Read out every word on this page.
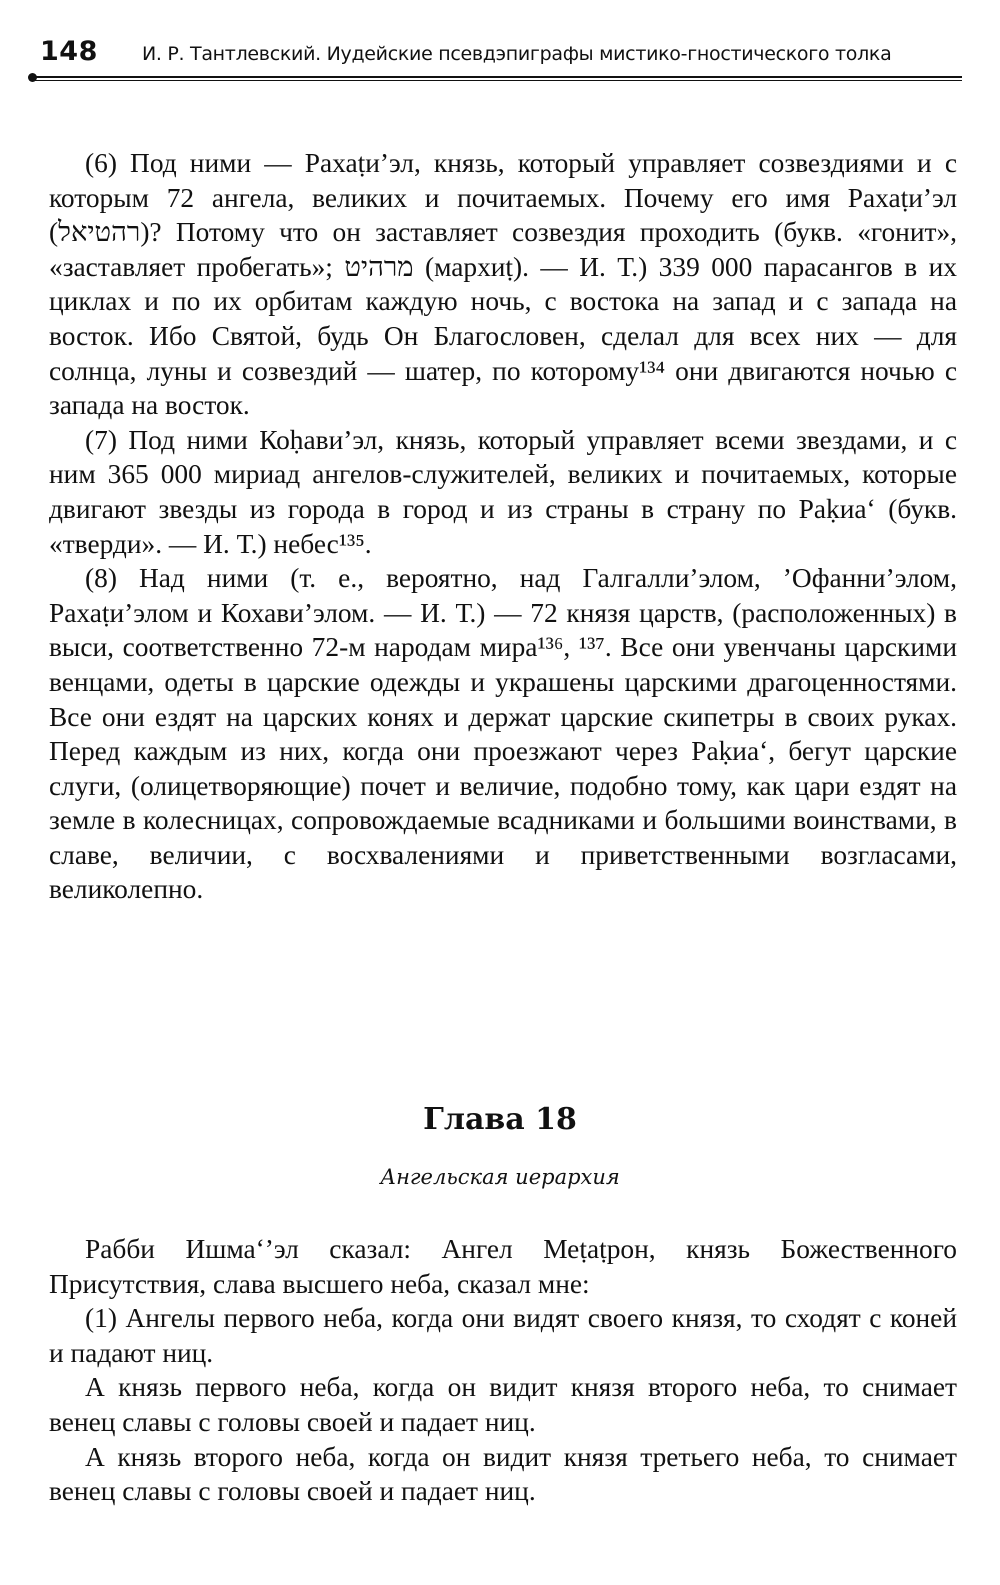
148 И. Р. Тантлевский. Иудейские псевдэпиграфы мистико-гностического толка

(6) Под ними — Рахаṭи’эл, князь, который управляет созвездиями и с которым 72 ангела, великих и почитаемых. Почему его имя Рахаṭи’эл (רהטיאל)? Потому что он заставляет созвездия проходить (букв. «гонит», «заставляет пробегать»; מרהיט (мархиṭ). — И. Т.) 339 000 парасангов в их циклах и по их орбитам каждую ночь, с востока на запад и с запада на восток. Ибо Святой, будь Он Благословен, сделал для всех них — для солнца, луны и созвездий — шатер, по которому¹³⁴ они двигаются ночью с запада на восток.

(7) Под ними Коḥави’эл, князь, который управляет всеми звездами, и с ним 365 000 мириад ангелов-служителей, великих и почитаемых, которые двигают звезды из города в город и из страны в страну по Раḳиа‘ (букв. «тверди». — И. Т.) небес¹³⁵.

(8) Над ними (т. е., вероятно, над Галгалли’элом, ’Офанни’элом, Рахаṭи’элом и Кохави’элом. — И. Т.) — 72 князя царств, (расположенных) в выси, соответственно 72-м народам мира¹³⁶, ¹³⁷. Все они увенчаны царскими венцами, одеты в царские одежды и украшены царскими драгоценностями. Все они ездят на царских конях и держат царские скипетры в своих руках. Перед каждым из них, когда они проезжают через Раḳиа‘, бегут царские слуги, (олицетворяющие) почет и величие, подобно тому, как цари ездят на земле в колесницах, сопровождаемые всадниками и большими воинствами, в славе, величии, с восхвалениями и приветственными возгласами, великолепно.

Глава 18
Ангельская иерархия

Рабби Ишма‘’эл сказал: Ангел Меṭаṭрон, князь Божественного Присутствия, слава высшего неба, сказал мне:

(1) Ангелы первого неба, когда они видят своего князя, то сходят с коней и падают ниц.

А князь первого неба, когда он видит князя второго неба, то снимает венец славы с головы своей и падает ниц.

А князь второго неба, когда он видит князя третьего неба, то снимает венец славы с головы своей и падает ниц.
